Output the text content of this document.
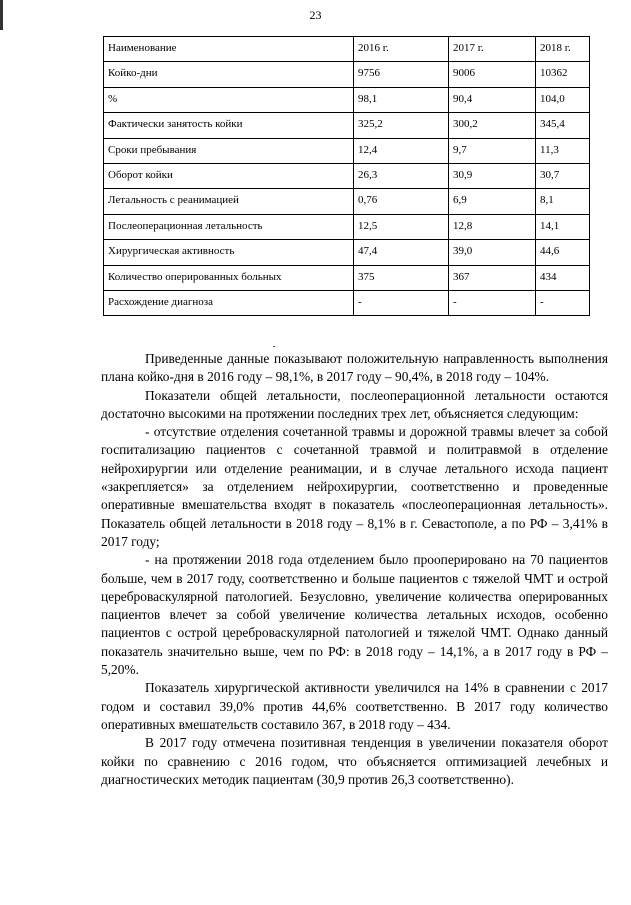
23
Наименование	2016 г.	2017 г.	2018 г.
Койко-дни	9756	9006	10362
%	98,1	90,4	104,0
Фактически занятость койки	325,2	300,2	345,4
Сроки пребывания	12,4	9,7	11,3
Оборот койки	26,3	30,9	30,7
Летальность с реанимацией	0,76	6,9	8,1
Послеоперационная летальность	12,5	12,8	14,1
Хирургическая активность	47,4	39,0	44,6
Количество оперированных больных	375	367	434
Расхождение диагноза	-	-	-

Приведенные данные показывают положительную направленность выполнения плана койко-дня в 2016 году – 98,1%, в 2017 году – 90,4%, в 2018 году – 104%.

Показатели общей летальности, послеоперационной летальности остаются достаточно высокими на протяжении последних трех лет, объясняется следующим:

- отсутствие отделения сочетанной травмы и дорожной травмы влечет за собой госпитализацию пациентов с сочетанной травмой и политравмой в отделение нейрохирургии или отделение реанимации, и в случае летального исхода пациент «закрепляется» за отделением нейрохирургии, соответственно и проведенные оперативные вмешательства входят в показатель «послеоперационная летальность». Показатель общей летальности в 2018 году – 8,1% в г. Севастополе, а по РФ – 3,41% в 2017 году;

- на протяжении 2018 года отделением было прооперировано на 70 пациентов больше, чем в 2017 году, соответственно и больше пациентов с тяжелой ЧМТ и острой цереброваскулярной патологией. Безусловно, увеличение количества оперированных пациентов влечет за собой увеличение количества летальных исходов, особенно пациентов с острой цереброваскулярной патологией и тяжелой ЧМТ. Однако данный показатель значительно выше, чем по РФ: в 2018 году – 14,1%, а в 2017 году в РФ – 5,20%.

Показатель хирургической активности увеличился на 14% в сравнении с 2017 годом и составил 39,0% против 44,6% соответственно. В 2017 году количество оперативных вмешательств составило 367, в 2018 году – 434.

В 2017 году отмечена позитивная тенденция в увеличении показателя оборот койки по сравнению с 2016 годом, что объясняется оптимизацией лечебных и диагностических методик пациентам (30,9 против 26,3 соответственно).
